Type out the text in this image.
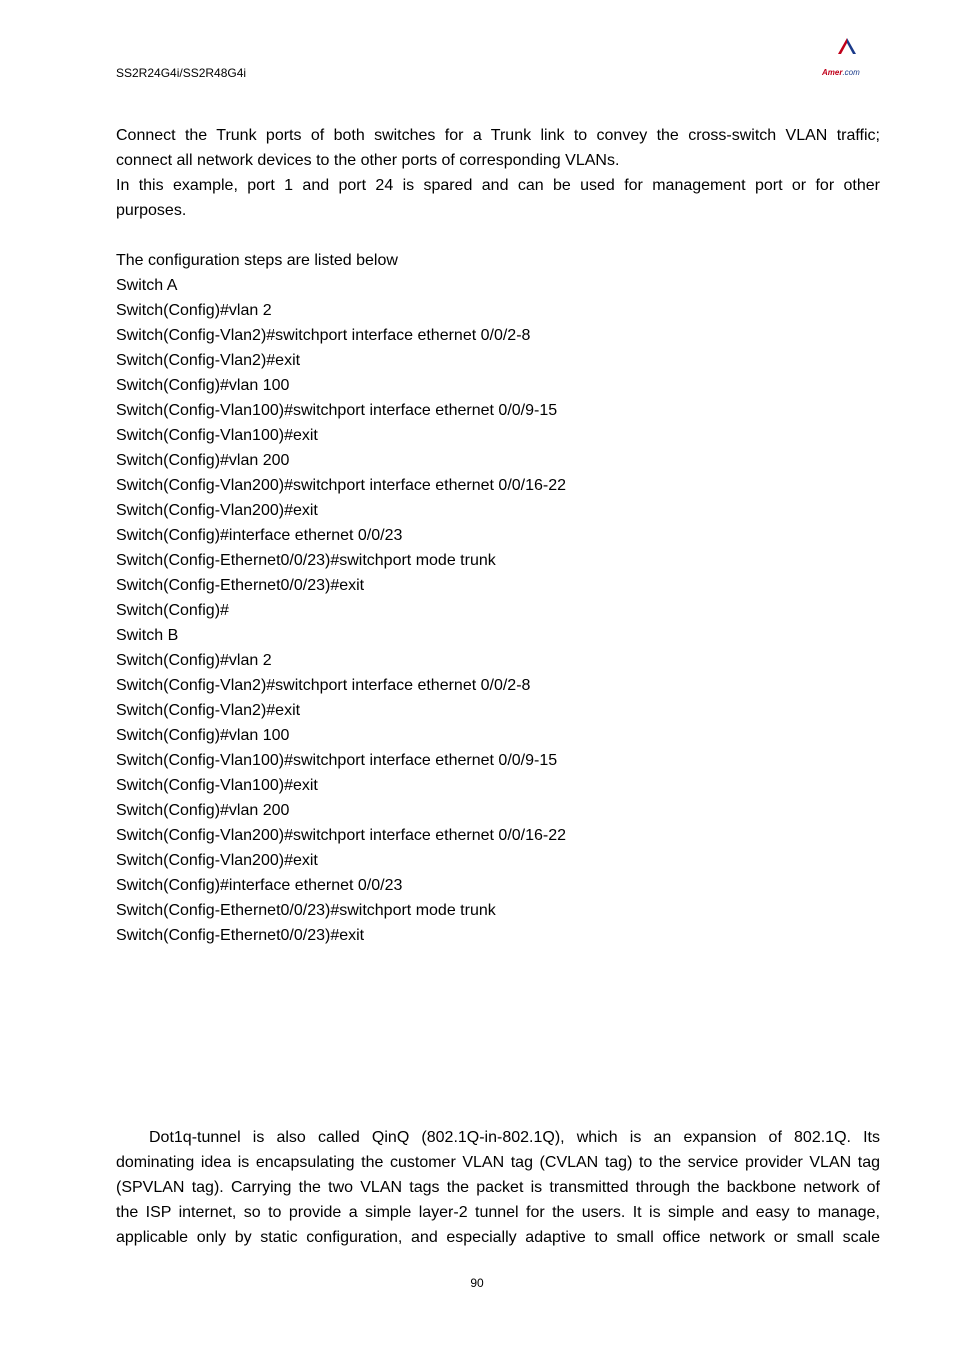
SS2R24G4i/SS2R48G4i	Amer.com
Connect the Trunk ports of both switches for a Trunk link to convey the cross-switch VLAN traffic;
connect all network devices to the other ports of corresponding VLANs.
In this example, port 1 and port 24 is spared and can be used for management port or for other
purposes.
The configuration steps are listed below
Switch A
Switch(Config)#vlan 2
Switch(Config-Vlan2)#switchport interface ethernet 0/0/2-8
Switch(Config-Vlan2)#exit
Switch(Config)#vlan 100
Switch(Config-Vlan100)#switchport interface ethernet 0/0/9-15
Switch(Config-Vlan100)#exit
Switch(Config)#vlan 200
Switch(Config-Vlan200)#switchport interface ethernet 0/0/16-22
Switch(Config-Vlan200)#exit
Switch(Config)#interface ethernet 0/0/23
Switch(Config-Ethernet0/0/23)#switchport mode trunk
Switch(Config-Ethernet0/0/23)#exit
Switch(Config)#
Switch B
Switch(Config)#vlan 2
Switch(Config-Vlan2)#switchport interface ethernet 0/0/2-8
Switch(Config-Vlan2)#exit
Switch(Config)#vlan 100
Switch(Config-Vlan100)#switchport interface ethernet 0/0/9-15
Switch(Config-Vlan100)#exit
Switch(Config)#vlan 200
Switch(Config-Vlan200)#switchport interface ethernet 0/0/16-22
Switch(Config-Vlan200)#exit
Switch(Config)#interface ethernet 0/0/23
Switch(Config-Ethernet0/0/23)#switchport mode trunk
Switch(Config-Ethernet0/0/23)#exit
Dot1q-tunnel is also called QinQ (802.1Q-in-802.1Q), which is an expansion of 802.1Q. Its
dominating idea is encapsulating the customer VLAN tag (CVLAN tag) to the service provider VLAN tag
(SPVLAN tag). Carrying the two VLAN tags the packet is transmitted through the backbone network of
the ISP internet, so to provide a simple layer-2 tunnel for the users. It is simple and easy to manage,
applicable only by static configuration, and especially adaptive to small office network or small scale
90
